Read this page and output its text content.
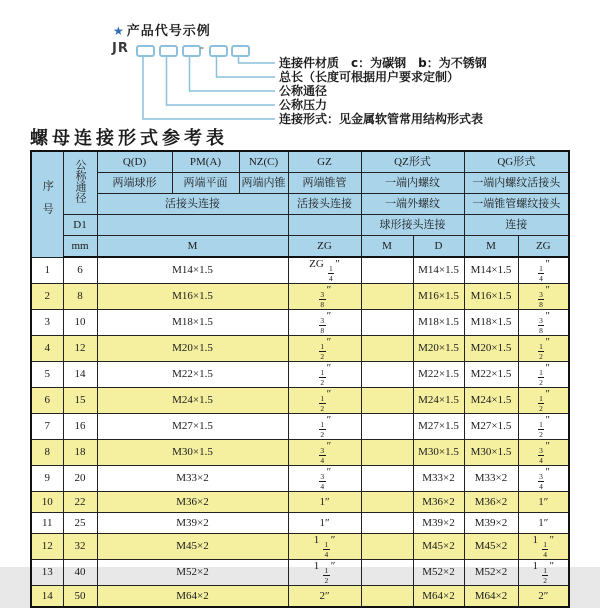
★ 产品代号示例
JR	-
连接件材质　c：为碳钢　b：为不锈钢
总长（长度可根据用户要求定制）
公称通径
公称压力
连接形式：见金属软管常用结构形式表
螺母连接形式参考表
序号	公称通径	Q(D)	PM(A)	NZ(C)	GZ	QZ形式		QG形式	
		两端球形	两端平面	两端内锥	两端锥管	一端内螺纹		一端内螺纹活接头	
		活接头连接			活接头连接	一端外螺纹		一端锥管螺纹接头	
	D1					球形接头连接		连接	
	mm	M			ZG	M	D	M	ZG
1	6	M14×1.5			ZG $\frac{1}{4}$ ″		M14×1.5	M14×1.5	$\frac{1}{4}$ ″
2	8	M16×1.5			$\frac{3}{8}$ ″		M16×1.5	M16×1.5	$\frac{3}{8}$ ″
3	10	M18×1.5			$\frac{3}{8}$ ″		M18×1.5	M18×1.5	$\frac{3}{8}$ ″
4	12	M20×1.5			$\frac{1}{2}$ ″		M20×1.5	M20×1.5	$\frac{1}{2}$ ″
5	14	M22×1.5			$\frac{1}{2}$ ″		M22×1.5	M22×1.5	$\frac{1}{2}$ ″
6	15	M24×1.5			$\frac{1}{2}$ ″		M24×1.5	M24×1.5	$\frac{1}{2}$ ″
7	16	M27×1.5			$\frac{1}{2}$ ″		M27×1.5	M27×1.5	$\frac{1}{2}$ ″
8	18	M30×1.5			$\frac{3}{4}$ ″		M30×1.5	M30×1.5	$\frac{3}{4}$ ″
9	20	M33×2			$\frac{3}{4}$ ″		M33×2	M33×2	$\frac{3}{4}$ ″
10	22	M36×2			1″		M36×2	M36×2	1″
11	25	M39×2			1″		M39×2	M39×2	1″
12	32	M45×2			$1 \frac{1}{4}$ ″		M45×2	M45×2	$1 \frac{1}{4}$ ″
13	40	M52×2			$1 \frac{1}{2}$ ″		M52×2	M52×2	$1 \frac{1}{2}$ ″
14	50	M64×2			2″		M64×2	M64×2	2″
